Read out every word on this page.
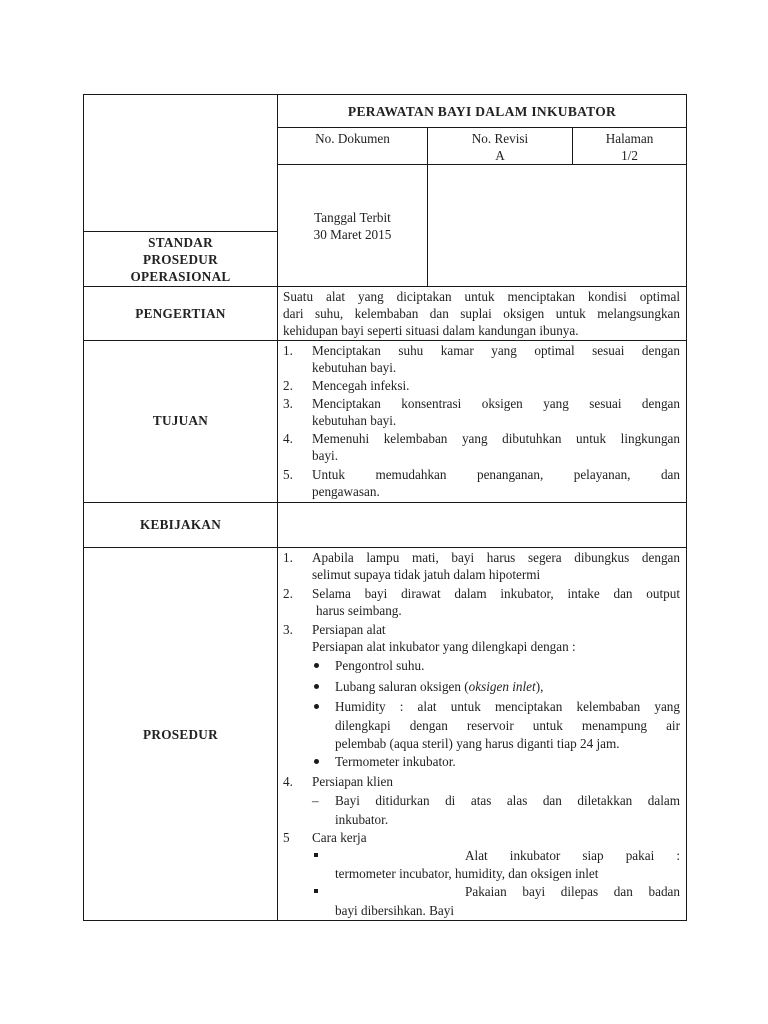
PERAWATAN BAYI DALAM INKUBATOR
No. Dokumen	No. Revisi
A
Halaman
1/2
Tanggal Terbit
30 Maret 2015
STANDAR
PROSEDUR
OPERASIONAL
PENGERTIAN
Suatu alat yang diciptakan untuk menciptakan kondisi optimal
dari suhu, kelembaban dan suplai oksigen untuk melangsungkan
kehidupan bayi seperti situasi dalam kandungan ibunya.
TUJUAN
1. Menciptakan suhu kamar yang optimal sesuai dengan
kebutuhan bayi.
2. Mencegah infeksi.
3. Menciptakan konsentrasi oksigen yang sesuai dengan
kebutuhan bayi.
4. Memenuhi kelembaban yang dibutuhkan untuk lingkungan
bayi.
5. Untuk memudahkan penanganan, pelayanan, dan
pengawasan.
KEBIJAKAN
PROSEDUR
1. Apabila lampu mati, bayi harus segera dibungkus dengan
selimut supaya tidak jatuh dalam hipotermi
2. Selama bayi dirawat dalam inkubator, intake dan output
harus seimbang.
3. Persiapan alat
Persiapan alat inkubator yang dilengkapi dengan :
Pengontrol suhu.
Lubang saluran oksigen (oksigen inlet),
Humidity : alat untuk menciptakan kelembaban yang
dilengkapi dengan reservoir untuk menampung air
pelembab (aqua steril) yang harus diganti tiap 24 jam.
Termometer inkubator.
4. Persiapan klien
– Bayi ditidurkan di atas alas dan diletakkan dalam
inkubator.
5 Cara kerja
Alat inkubator siap pakai :
termometer incubator, humidity, dan oksigen inlet
Pakaian bayi dilepas dan badan
bayi dibersihkan. Bayi
